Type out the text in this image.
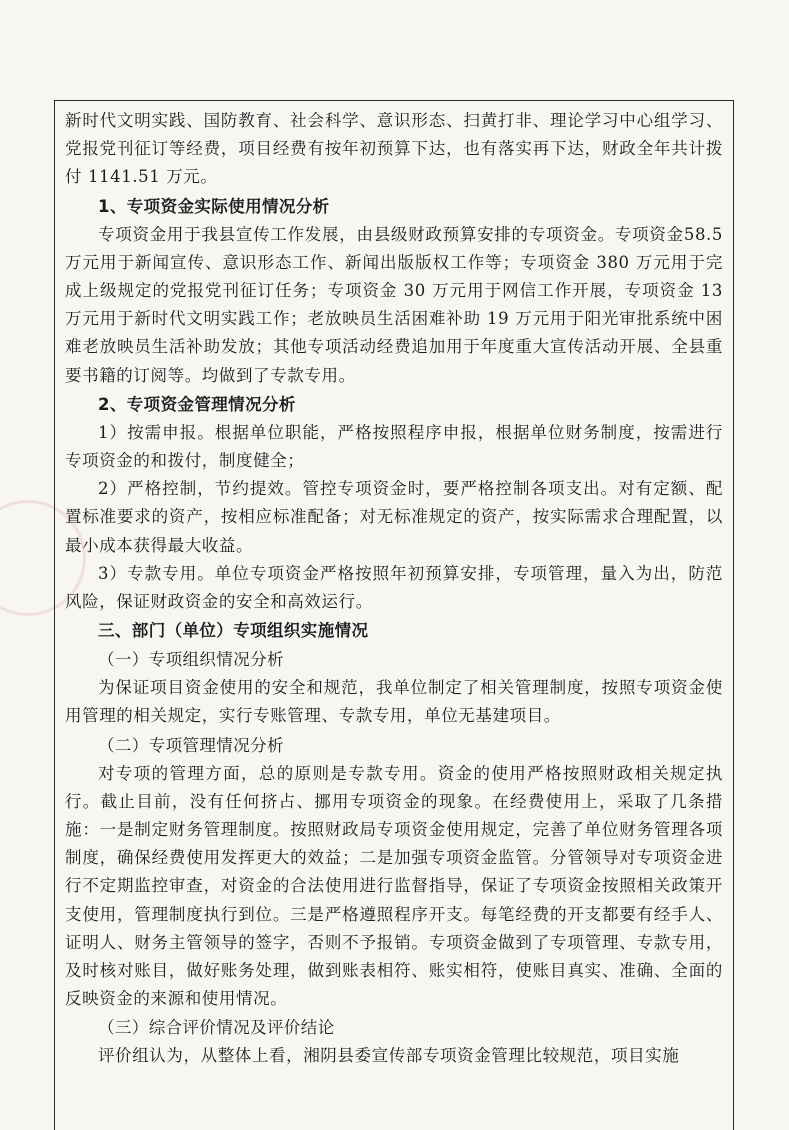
新时代文明实践、国防教育、社会科学、意识形态、扫黄打非、理论学习中心组学习、党报党刊征订等经费，项目经费有按年初预算下达，也有落实再下达，财政全年共计拨付 1141.51 万元。

1、专项资金实际使用情况分析

专项资金用于我县宣传工作发展，由县级财政预算安排的专项资金。专项资金58.5 万元用于新闻宣传、意识形态工作、新闻出版版权工作等；专项资金 380 万元用于完成上级规定的党报党刊征订任务；专项资金 30 万元用于网信工作开展，专项资金 13 万元用于新时代文明实践工作；老放映员生活困难补助 19 万元用于阳光审批系统中困难老放映员生活补助发放；其他专项活动经费追加用于年度重大宣传活动开展、全县重要书籍的订阅等。均做到了专款专用。

2、专项资金管理情况分析

1）按需申报。根据单位职能，严格按照程序申报，根据单位财务制度，按需进行专项资金的和拨付，制度健全；

2）严格控制，节约提效。管控专项资金时，要严格控制各项支出。对有定额、配置标准要求的资产，按相应标准配备；对无标准规定的资产，按实际需求合理配置，以最小成本获得最大收益。

3）专款专用。单位专项资金严格按照年初预算安排，专项管理，量入为出，防范风险，保证财政资金的安全和高效运行。

三、部门（单位）专项组织实施情况

（一）专项组织情况分析

为保证项目资金使用的安全和规范，我单位制定了相关管理制度，按照专项资金使用管理的相关规定，实行专账管理、专款专用，单位无基建项目。

（二）专项管理情况分析

对专项的管理方面，总的原则是专款专用。资金的使用严格按照财政相关规定执行。截止目前，没有任何挤占、挪用专项资金的现象。在经费使用上，采取了几条措施：一是制定财务管理制度。按照财政局专项资金使用规定，完善了单位财务管理各项制度，确保经费使用发挥更大的效益；二是加强专项资金监管。分管领导对专项资金进行不定期监控审查，对资金的合法使用进行监督指导，保证了专项资金按照相关政策开支使用，管理制度执行到位。三是严格遵照程序开支。每笔经费的开支都要有经手人、证明人、财务主管领导的签字，否则不予报销。专项资金做到了专项管理、专款专用，及时核对账目，做好账务处理，做到账表相符、账实相符，使账目真实、准确、全面的反映资金的来源和使用情况。

（三）综合评价情况及评价结论

评价组认为，从整体上看，湘阴县委宣传部专项资金管理比较规范，项目实施
